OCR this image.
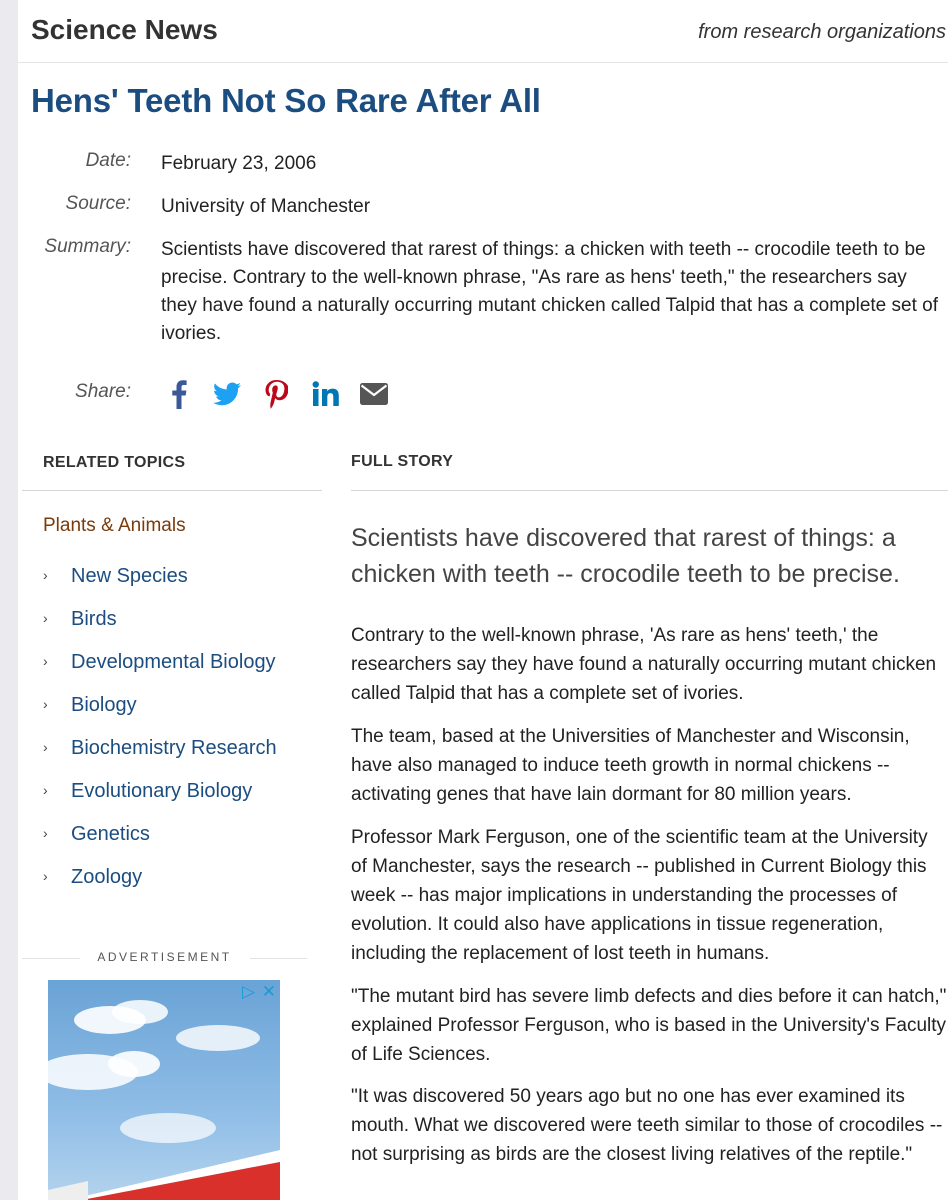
Science News	from research organizations
Hens' Teeth Not So Rare After All
Date: February 23, 2006
Source: University of Manchester
Summary: Scientists have discovered that rarest of things: a chicken with teeth -- crocodile teeth to be precise. Contrary to the well-known phrase, "As rare as hens' teeth," the researchers say they have found a naturally occurring mutant chicken called Talpid that has a complete set of ivories.
Share:
RELATED TOPICS
Plants & Animals
› New Species
› Birds
› Developmental Biology
› Biology
› Biochemistry Research
› Evolutionary Biology
› Genetics
› Zoology
ADVERTISEMENT
▷ ✕
FULL STORY

Scientists have discovered that rarest of things: a chicken with teeth -- crocodile teeth to be precise.

Contrary to the well-known phrase, 'As rare as hens' teeth,' the researchers say they have found a naturally occurring mutant chicken called Talpid that has a complete set of ivories.

The team, based at the Universities of Manchester and Wisconsin, have also managed to induce teeth growth in normal chickens -- activating genes that have lain dormant for 80 million years.

Professor Mark Ferguson, one of the scientific team at the University of Manchester, says the research -- published in Current Biology this week -- has major implications in understanding the processes of evolution. It could also have applications in tissue regeneration, including the replacement of lost teeth in humans.

"The mutant bird has severe limb defects and dies before it can hatch," explained Professor Ferguson, who is based in the University's Faculty of Life Sciences.

"It was discovered 50 years ago but no one has ever examined its mouth. What we discovered were teeth similar to those of crocodiles -- not surprising as birds are the closest living relatives of the reptile."
